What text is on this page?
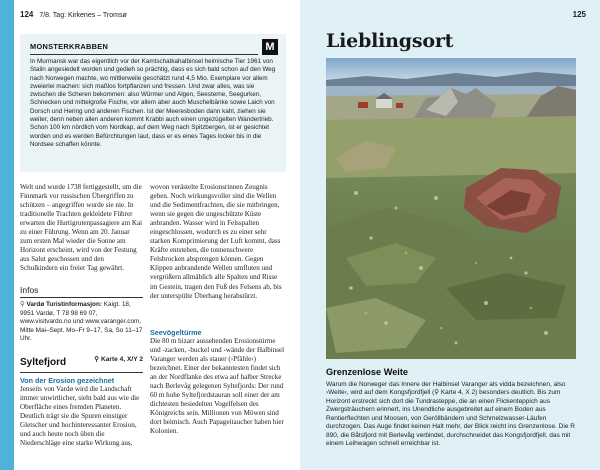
124 7/8. Tag: Kirkenes – Tromsø
MONSTERKRABBEN	M
In Murmansk war das eigentlich vor der Kamtschatkahalbinsel heimische Tier 1961 von Stalin angesiedelt worden und gedieh so prächtig, dass es sich bald schon auf den Weg nach Norwegen machte, wo mittlerweile geschätzt rund 4,5 Mio. Exemplare vor allem zweierlei machen: sich maßlos fortpflanzen und fressen. Und zwar alles, was sie zwischen die Scheren bekommen: also Würmer und Algen, Seesterne, Seegurken, Schnecken und mittelgroße Fische, vor allem aber auch Muschelbänke sowie Laich von Dorsch und Hering und anderen Fischen. Ist der Meeresboden dann kahl, ziehen sie weiter, denn neben allen anderen kommt Krabbi auch einen ungezügelten Wandertrieb. Schon 100 km nördlich vom Nordkap, auf dem Weg nach Spitzbergen, ist er gesichtet worden und es werden Befürchtungen laut, dass er es eines Tages locker bis in die Nordsee schaffen könnte.
Welt und wurde 1738 fertiggestellt, um die Finnmark vor russischen Übergriffen zu schützen – angegriffen wurde sie nie. In traditionelle Trachten gekleidete Führer erwarten die Hurtigrutenpassagiere am Kai zu einer Führung. Wenn am 20. Januar zum ersten Mal wieder die Sonne am Horizont erscheint, wird von der Festung aus Salut geschossen und den Schulkindern ein freier Tag gewährt.
wovon verästelte Erosionsrinnen Zeugnis geben. Noch wirkungsvoller sind die Wellen und die Sedimentfrachten, die sie mitbringen, wenn sie gegen die ungeschützte Küste anbranden. Wasser wird in Felsspalten eingeschlossen, wodurch es zu einer sehr starken Komprimierung der Luft kommt, dass Kräfte entstehen, die tonnenschwere Felsbrocken absprengen können. Gegen Klippen anbrandende Wellen umfluten und vergrößern allmählich alle Spalten und Risse im Gestein, tragen den Fuß des Felsens ab, bis der unterspülte Überhang herabstürzt.
Infos
⚲ Vardø Turistinformasjon: Kaigt. 18, 9951 Vardø, T 78 98 69 07, www.visitvardo.no und www.varanger.com, Mitte Mai–Sept. Mo–Fr 9–17, Sa, So 11–17 Uhr.
Syltefjord	⚲ Karte 4, X/Y 2
Von der Erosion gezeichnet
Jenseits von Vardø wird die Landschaft immer unwirtlicher, sieht bald aus wie die Oberfläche eines fremden Planeten. Deutlich trägt sie die Spuren einstiger Gletscher und hochinteressanter Erosion, und auch heute noch üben die Niederschläge eine starke Wirkung aus,
Seevögeltürme
Die 80 m bizarr aussehenden Erosionstürme und -zacken, -buckel und -wände der Halbinsel Varanger werden als stauer (›Pfähle‹) bezeichnet. Einer der bekanntesten findet sich an der Nordflanke des etwa auf halber Strecke nach Berlevåg gelegenen Syltefjords: Der rund 60 m hohe Syltefjordstauran soll einer der am dichtesten besiedelten Vogelfelsen des Königreichs sein. Millionen von Möwen sind dort heimisch. Auch Papageitaucher haben hier Kolonien.
125
Lieblingsort
Grenzenlose Weite
Warum die Norweger das Innere der Halbinsel Varanger als vidda bezeichnen, also ›Weite‹, wird auf dem Kongsfjordfjell (⚲ Karte 4, X 2) besonders deutlich. Bis zum Horizont erstreckt sich dort die Tundrasteppe, die an einen Flickenteppich aus Zwergsträuchern erinnert, ins Unendliche ausgebreitet auf einem Boden aus Rentierflechten und Moosen, von Geröllbändern und Schmelzwasser-Läufen durchzogen. Das Auge findet keinen Halt mehr, der Blick reicht ins Grenzenlose. Die R 890, die Båtsfjord mit Berlevåg verbindet, durchschneidet das Kongsfjordfjell, das mit einem Leihwagen schnell erreichbar ist.
